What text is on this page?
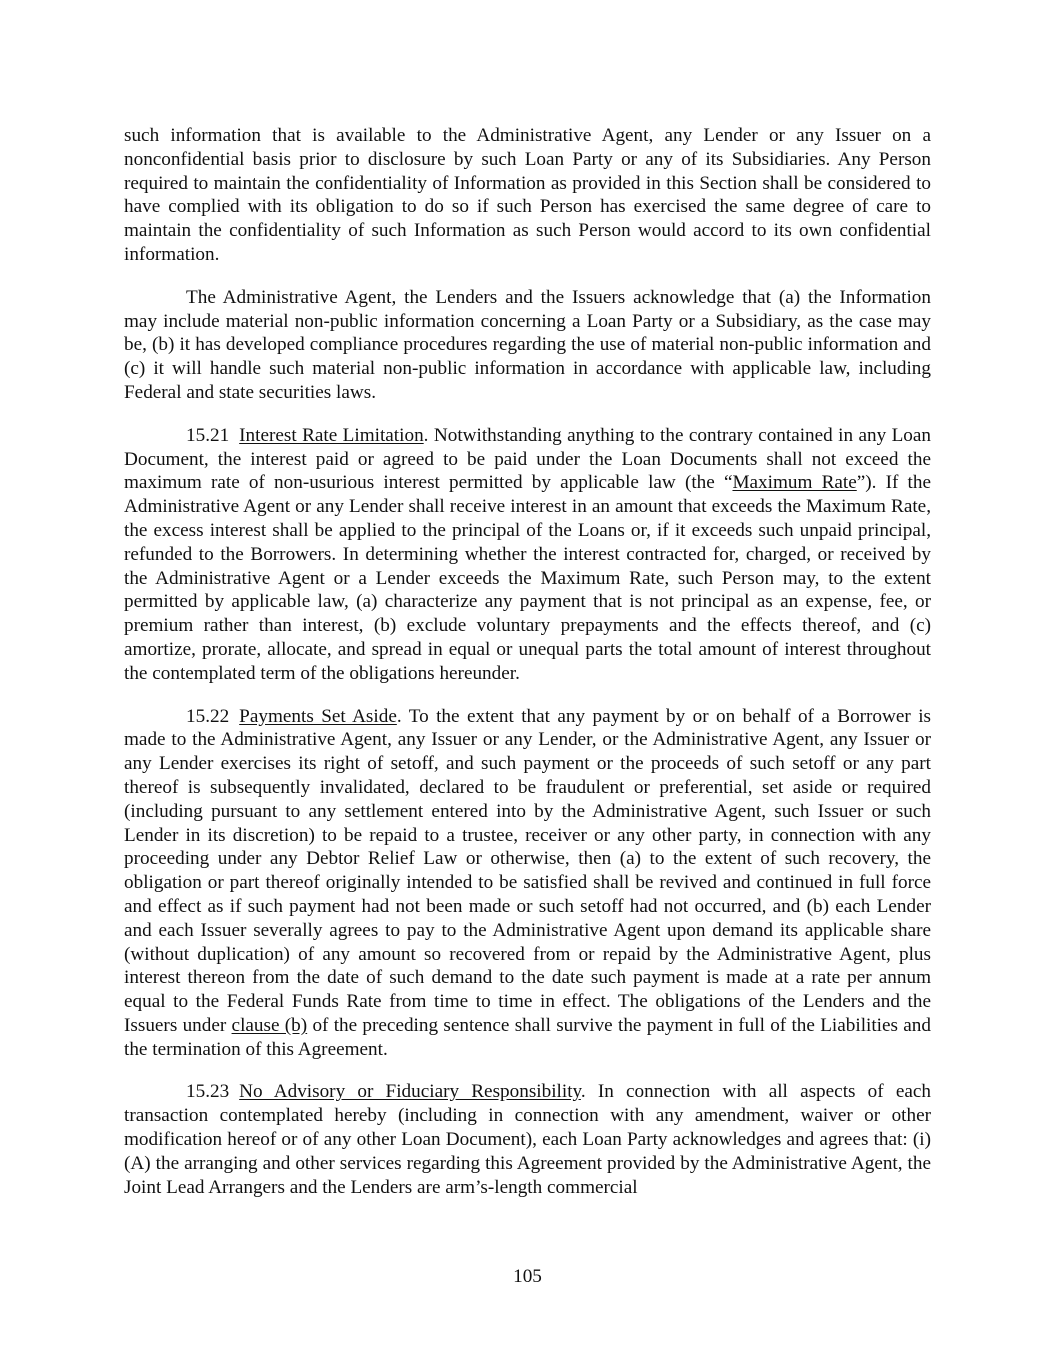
such information that is available to the Administrative Agent, any Lender or any Issuer on a nonconfidential basis prior to disclosure by such Loan Party or any of its Subsidiaries. Any Person required to maintain the confidentiality of Information as provided in this Section shall be considered to have complied with its obligation to do so if such Person has exercised the same degree of care to maintain the confidentiality of such Information as such Person would accord to its own confidential information.

The Administrative Agent, the Lenders and the Issuers acknowledge that (a) the Information may include material non-public information concerning a Loan Party or a Subsidiary, as the case may be, (b) it has developed compliance procedures regarding the use of material non-public information and (c) it will handle such material non-public information in accordance with applicable law, including Federal and state securities laws.

15.21 Interest Rate Limitation. Notwithstanding anything to the contrary contained in any Loan Document, the interest paid or agreed to be paid under the Loan Documents shall not exceed the maximum rate of non-usurious interest permitted by applicable law (the “Maximum Rate”). If the Administrative Agent or any Lender shall receive interest in an amount that exceeds the Maximum Rate, the excess interest shall be applied to the principal of the Loans or, if it exceeds such unpaid principal, refunded to the Borrowers. In determining whether the interest contracted for, charged, or received by the Administrative Agent or a Lender exceeds the Maximum Rate, such Person may, to the extent permitted by applicable law, (a) characterize any payment that is not principal as an expense, fee, or premium rather than interest, (b) exclude voluntary prepayments and the effects thereof, and (c) amortize, prorate, allocate, and spread in equal or unequal parts the total amount of interest throughout the contemplated term of the obligations hereunder.

15.22 Payments Set Aside. To the extent that any payment by or on behalf of a Borrower is made to the Administrative Agent, any Issuer or any Lender, or the Administrative Agent, any Issuer or any Lender exercises its right of setoff, and such payment or the proceeds of such setoff or any part thereof is subsequently invalidated, declared to be fraudulent or preferential, set aside or required (including pursuant to any settlement entered into by the Administrative Agent, such Issuer or such Lender in its discretion) to be repaid to a trustee, receiver or any other party, in connection with any proceeding under any Debtor Relief Law or otherwise, then (a) to the extent of such recovery, the obligation or part thereof originally intended to be satisfied shall be revived and continued in full force and effect as if such payment had not been made or such setoff had not occurred, and (b) each Lender and each Issuer severally agrees to pay to the Administrative Agent upon demand its applicable share (without duplication) of any amount so recovered from or repaid by the Administrative Agent, plus interest thereon from the date of such demand to the date such payment is made at a rate per annum equal to the Federal Funds Rate from time to time in effect. The obligations of the Lenders and the Issuers under clause (b) of the preceding sentence shall survive the payment in full of the Liabilities and the termination of this Agreement.

15.23 No Advisory or Fiduciary Responsibility. In connection with all aspects of each transaction contemplated hereby (including in connection with any amendment, waiver or other modification hereof or of any other Loan Document), each Loan Party acknowledges and agrees that: (i) (A) the arranging and other services regarding this Agreement provided by the Administrative Agent, the Joint Lead Arrangers and the Lenders are arm’s-length commercial

105
